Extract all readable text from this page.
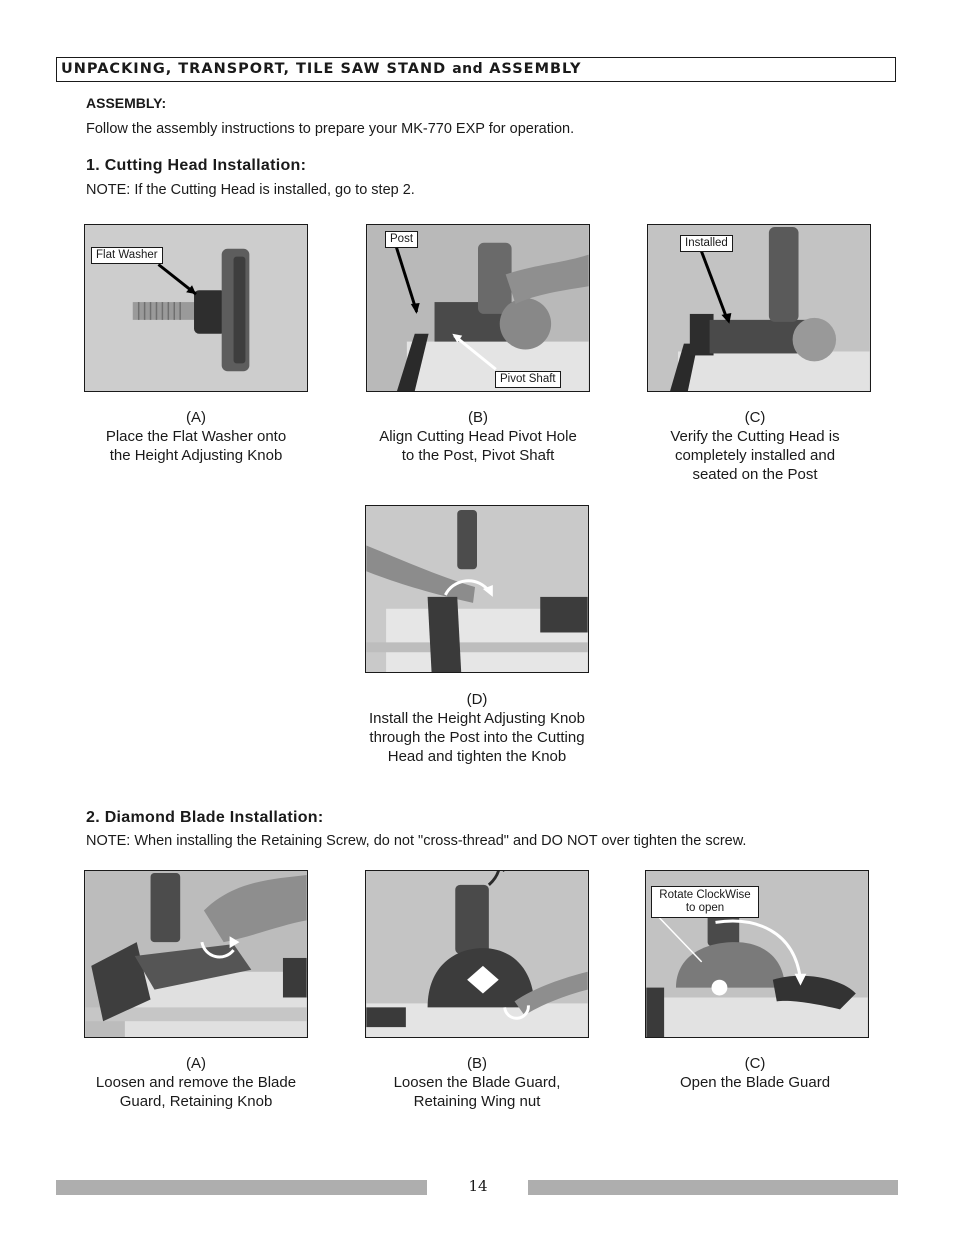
UNPACKING, TRANSPORT, TILE SAW STAND and ASSEMBLY
ASSEMBLY:
Follow the assembly instructions to prepare your MK-770 EXP for operation.
1. Cutting Head Installation:
NOTE: If the Cutting Head is installed, go to step 2.
Flat Washer
(A)
Place the Flat Washer onto
the Height Adjusting Knob
Post
Pivot Shaft
(B)
Align Cutting Head Pivot Hole
to the Post, Pivot Shaft
Installed
(C)
Verify the Cutting Head is
completely installed and
seated on the Post
(D)
Install the Height Adjusting Knob
through the Post into the Cutting
Head and tighten the Knob
2. Diamond Blade Installation:
NOTE: When installing the Retaining Screw, do not "cross-thread" and DO NOT over tighten the screw.
(A)
Loosen and remove the Blade
Guard, Retaining Knob
(B)
Loosen the Blade Guard,
Retaining Wing nut
Rotate ClockWise
to open
(C)
Open the Blade Guard
14
